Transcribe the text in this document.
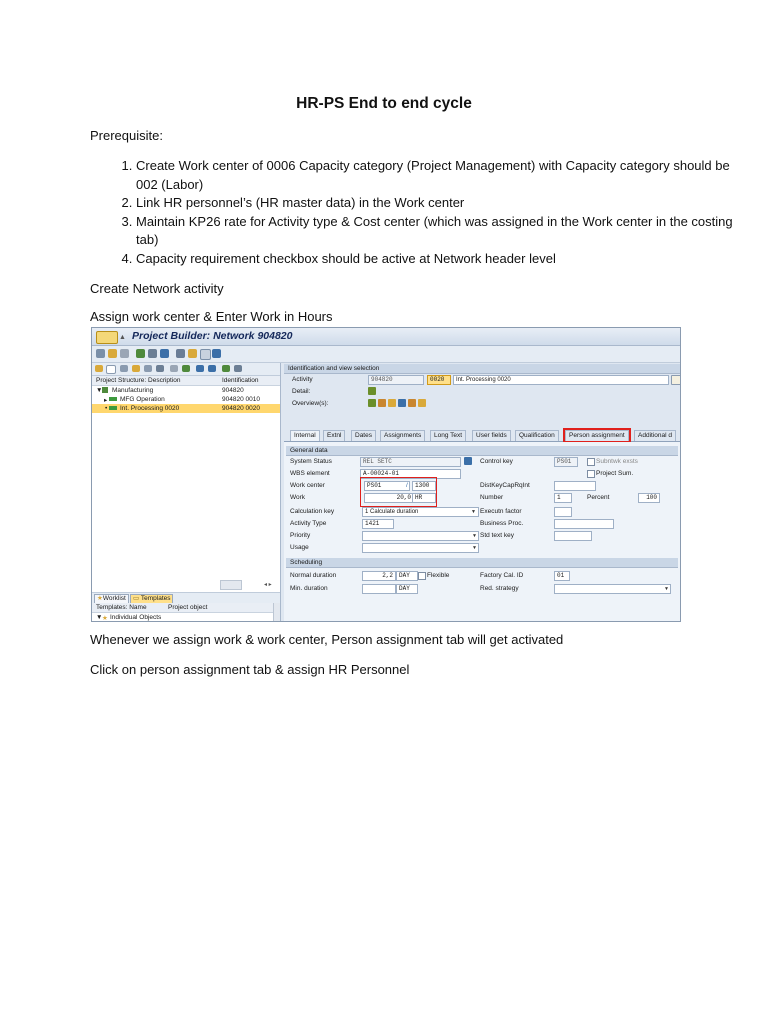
HR-PS End to end cycle
Prerequisite:
1. Create Work center of 0006 Capacity category (Project Management) with Capacity category should be 002 (Labor)
2. Link HR personnel’s (HR master data) in the Work center
3. Maintain KP26 rate for Activity type & Cost center (which was assigned in the Work center in the costing tab)
4. Capacity requirement checkbox should be active at Network header level
Create Network activity
Assign work center & Enter Work in Hours
▲ Project Builder: Network 904820
Project Structure: Description	Identification
▼ Manufacturing	904820
▸ MFG Operation	904820 0010
• Int. Processing 0020	904820 0020
◂ ▸
★Worklist	▭ Templates
Templates: Name	Project object
▼ ★ Individual Objects
Identification and view selection
Activity	904820	0020	Int. Processing 0020
Detail:
Overview(s):
Internal	Extnl	Dates	Assignments	Long Text	User fields	Qualification	Person assignment	Additional d
General data
System Status	REL SETC
WBS element	A-00024-01
Work center	PS01	1300
/
Work	20,0 HR
Calculation key	1 Calculate duration ▼
Activity Type	1421
Priority
▼
Usage
▼
Control key	PS01	Subntwk exsts
Project Sum.
DistKeyCapRqInt
Number	1	Percent	100
Executn factor
Business Proc.
Std text key
Scheduling
Normal duration	2,2	DAY	Flexible
Min. duration	DAY
Factory Cal. ID	01
Red. strategy
▼
Whenever we assign work & work center, Person assignment tab will get activated
Click on person assignment tab & assign HR Personnel
